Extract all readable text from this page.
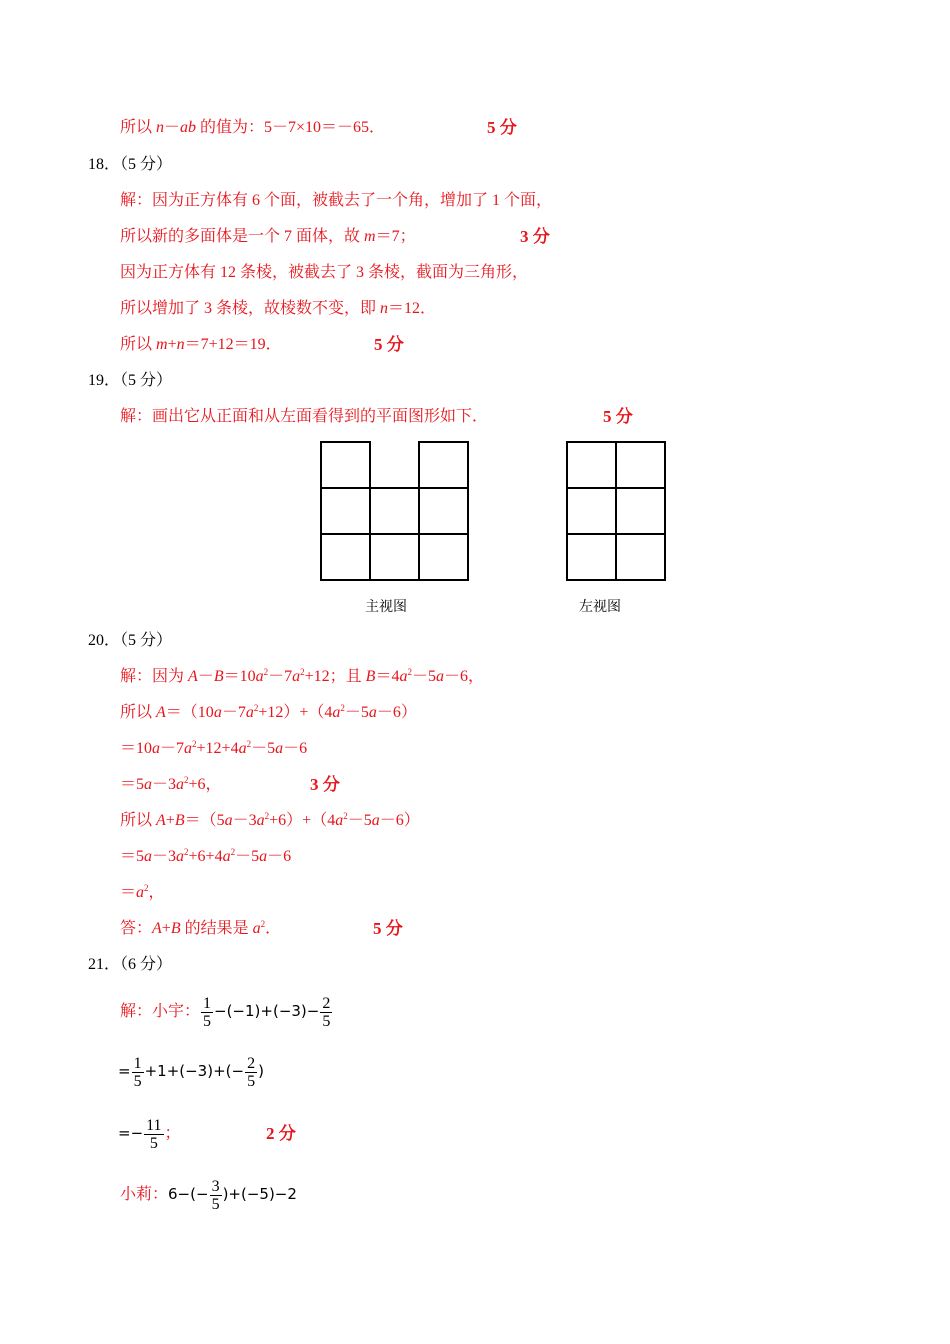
所以 n－ab 的值为：5－7×10＝－65．	5 分
18．（5 分）
解：因为正方体有 6 个面，被截去了一个角，增加了 1 个面，
所以新的多面体是一个 7 面体，故 m＝7；	3 分
因为正方体有 12 条棱，被截去了 3 条棱，截面为三角形，
所以增加了 3 条棱，故棱数不变，即 n＝12．
所以 m+n＝7+12＝19．	5 分
19．（5 分）
解：画出它从正面和从左面看得到的平面图形如下．	5 分
主视图	左视图
20．（5 分）
解：因为 $A-B=10a^2-7a^2+12$；且 $B=4a^2-5a-6$，
所以 $A=(10a-7a^2+12)+(4a^2-5a-6)$
$=10a-7a^2+12+4a^2-5a-6$
$=5a-3a^2+6$，	3 分
所以 $A+B=(5a-3a^2+6)+(4a^2-5a-6)$
$=5a-3a^2+6+4a^2-5a-6$
$=a^2$，
答：A+B 的结果是 $a^2$．	5 分
21．（6 分）
解：小宇： $\frac{1}{5} -(-1)+(-3)- \frac{2}{5}$
= $\frac{1}{5} +1+(-3)+(- \frac{2}{5}$ )
=− $\frac{11}{5}$ ；	2 分
小莉：$6-(- \frac{3}{5} )+(-5)-2$
